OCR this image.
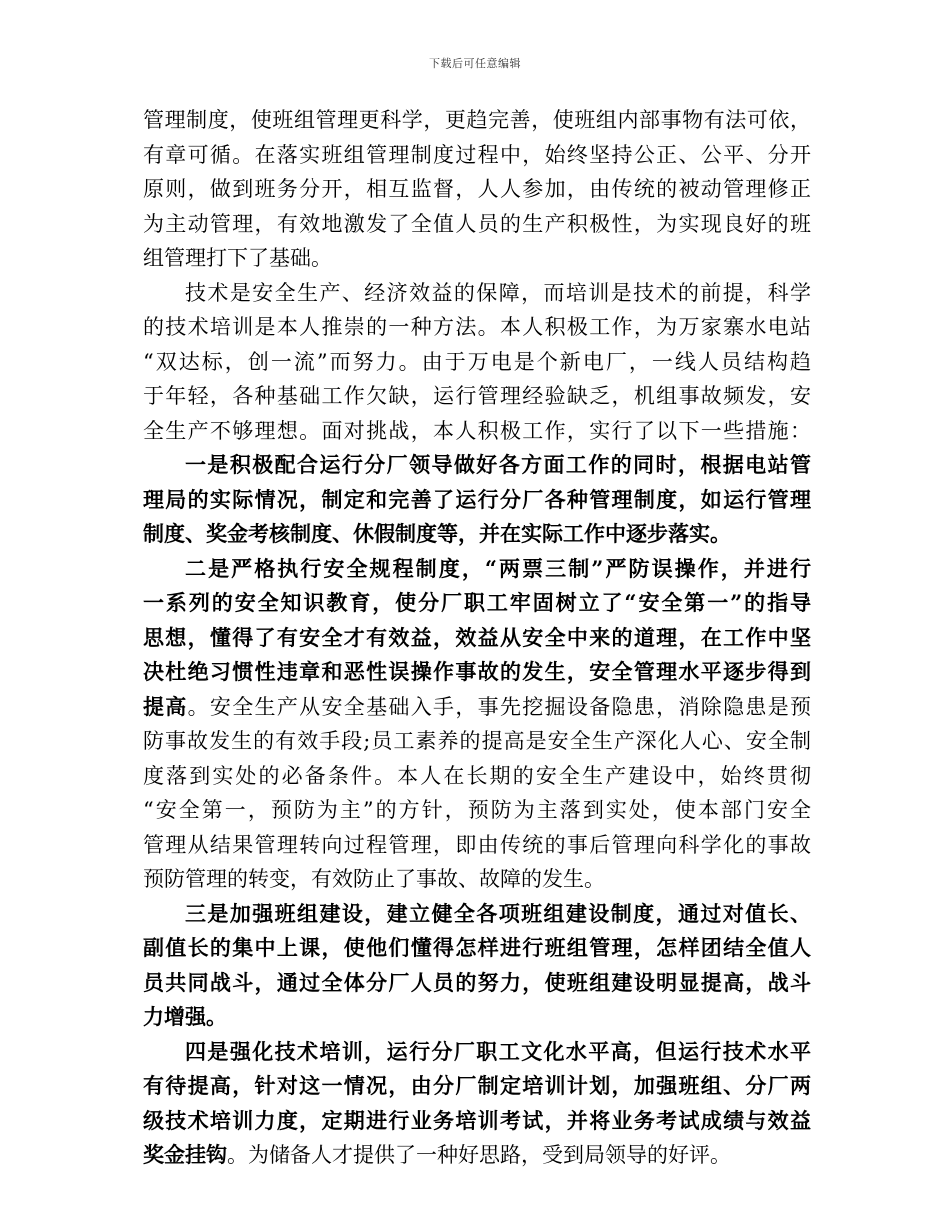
下载后可任意编辑
管理制度，使班组管理更科学，更趋完善，使班组内部事物有法可依，
有章可循。在落实班组管理制度过程中，始终坚持公正、公平、分开
原则，做到班务分开，相互监督，人人参加，由传统的被动管理修正
为主动管理，有效地激发了全值人员的生产积极性，为实现良好的班
组管理打下了基础。
技术是安全生产、经济效益的保障，而培训是技术的前提，科学
的技术培训是本人推崇的一种方法。本人积极工作，为万家寨水电站
“双达标，创一流”而努力。由于万电是个新电厂，一线人员结构趋
于年轻，各种基础工作欠缺，运行管理经验缺乏，机组事故频发，安
全生产不够理想。面对挑战，本人积极工作，实行了以下一些措施：
一是积极配合运行分厂领导做好各方面工作的同时，根据电站管
理局的实际情况，制定和完善了运行分厂各种管理制度，如运行管理
制度、奖金考核制度、休假制度等，并在实际工作中逐步落实。
二是严格执行安全规程制度，“两票三制”严防误操作，并进行
一系列的安全知识教育，使分厂职工牢固树立了“安全第一”的指导
思想，懂得了有安全才有效益，效益从安全中来的道理，在工作中坚
决杜绝习惯性违章和恶性误操作事故的发生，安全管理水平逐步得到
提高。安全生产从安全基础入手，事先挖掘设备隐患，消除隐患是预
防事故发生的有效手段;员工素养的提高是安全生产深化人心、安全制
度落到实处的必备条件。本人在长期的安全生产建设中，始终贯彻
“安全第一，预防为主”的方针，预防为主落到实处，使本部门安全
管理从结果管理转向过程管理，即由传统的事后管理向科学化的事故
预防管理的转变，有效防止了事故、故障的发生。
三是加强班组建设，建立健全各项班组建设制度，通过对值长、
副值长的集中上课，使他们懂得怎样进行班组管理，怎样团结全值人
员共同战斗，通过全体分厂人员的努力，使班组建设明显提高，战斗
力增强。
四是强化技术培训，运行分厂职工文化水平高，但运行技术水平
有待提高，针对这一情况，由分厂制定培训计划，加强班组、分厂两
级技术培训力度，定期进行业务培训考试，并将业务考试成绩与效益
奖金挂钩。为储备人才提供了一种好思路，受到局领导的好评。
